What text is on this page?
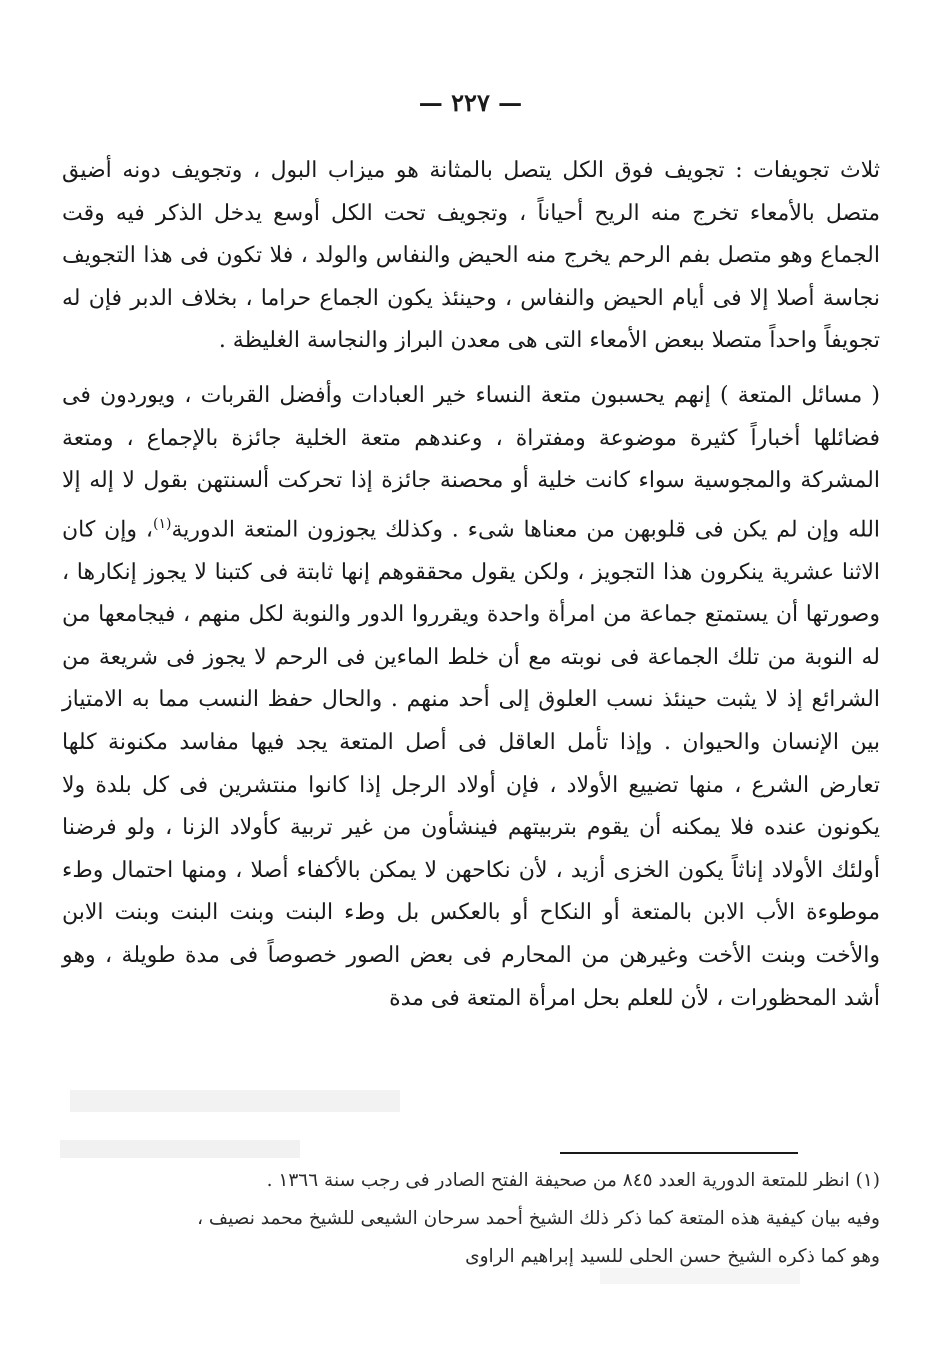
— ٢٢٧ —

ثلاث تجويفات : تجويف فوق الكل يتصل بالمثانة هو ميزاب البول ، وتجويف دونه أضيق متصل بالأمعاء تخرج منه الريح أحياناً ، وتجويف تحت الكل أوسع يدخل الذكر فيه وقت الجماع وهو متصل بفم الرحم يخرج منه الحيض والنفاس والولد ، فلا تكون فى هذا التجويف نجاسة أصلا إلا فى أيام الحيض والنفاس ، وحينئذ يكون الجماع حراما ، بخلاف الدبر فإن له تجويفاً واحداً متصلا ببعض الأمعاء التى هى معدن البراز والنجاسة الغليظة .

( مسائل المتعة ) إنهم يحسبون متعة النساء خير العبادات وأفضل القربات ، ويوردون فى فضائلها أخباراً كثيرة موضوعة ومفتراة ، وعندهم متعة الخلية جائزة بالإجماع ، ومتعة المشركة والمجوسية سواء كانت خلية أو محصنة جائزة إذا تحركت ألسنتهن بقول لا إله إلا الله وإن لم يكن فى قلوبهن من معناها شىء . وكذلك يجوزون المتعة الدورية$^{(١)}$، وإن كان الاثنا عشرية ينكرون هذا التجويز ، ولكن يقول محققوهم إنها ثابتة فى كتبنا لا يجوز إنكارها ، وصورتها أن يستمتع جماعة من امرأة واحدة ويقرروا الدور والنوبة لكل منهم ، فيجامعها من له النوبة من تلك الجماعة فى نوبته مع أن خلط الماءين فى الرحم لا يجوز فى شريعة من الشرائع إذ لا يثبت حينئذ نسب العلوق إلى أحد منهم . والحال حفظ النسب مما به الامتياز بين الإنسان والحيوان . وإذا تأمل العاقل فى أصل المتعة يجد فيها مفاسد مكنونة كلها تعارض الشرع ، منها تضييع الأولاد ، فإن أولاد الرجل إذا كانوا منتشرين فى كل بلدة ولا يكونون عنده فلا يمكنه أن يقوم بتربيتهم فينشأون من غير تربية كأولاد الزنا ، ولو فرضنا أولئك الأولاد إناثاً يكون الخزى أزيد ، لأن نكاحهن لا يمكن بالأكفاء أصلا ، ومنها احتمال وطء موطوءة الأب الابن بالمتعة أو النكاح أو بالعكس بل وطء البنت وبنت البنت وبنت الابن والأخت وبنت الأخت وغيرهن من المحارم فى بعض الصور خصوصاً فى مدة طويلة ، وهو أشد المحظورات ، لأن للعلم بحل امرأة المتعة فى مدة

(١) انظر للمتعة الدورية العدد ٨٤٥ من صحيفة الفتح الصادر فى رجب سنة ١٣٦٦ .

وفيه بيان كيفية هذه المتعة كما ذكر ذلك الشيخ أحمد سرحان الشيعى للشيخ محمد نصيف ،

وهو كما ذكره الشيخ حسن الحلى للسيد إبراهيم الراوى
